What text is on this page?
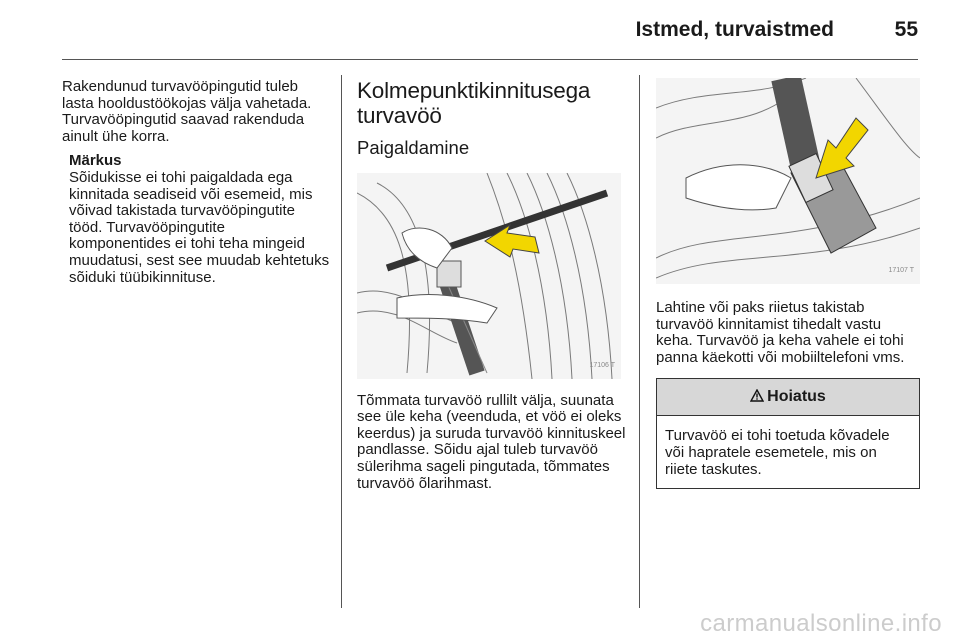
Istmed, turvaistmed	55

Rakendunud turvavööpingutid tuleb lasta hooldustöökojas välja vahetada. Turvavööpingutid saavad rakenduda ainult ühe korra.

Märkus

Sõidukisse ei tohi paigaldada ega kinnitada seadiseid või esemeid, mis võivad takistada turvavööpingutite tööd. Turvavööpingutite komponentides ei tohi teha mingeid muudatusi, sest see muudab kehtetuks sõiduki tüübikinnituse.

Kolmepunktikinnitusega turvavöö
Paigaldamine
17106 T

Tõmmata turvavöö rullilt välja, suunata see üle keha (veenduda, et vöö ei oleks keerdus) ja suruda turvavöö kinnituskeel pandlasse. Sõidu ajal tuleb turvavöö sülerihma sageli pingutada, tõmmates turvavöö õlarihmast.

17107 T

Lahtine või paks riietus takistab turvavöö kinnitamist tihedalt vastu keha. Turvavöö ja keha vahele ei tohi panna käekotti või mobiiltelefoni vms.

Hoiatus
Turvavöö ei tohi toetuda kõvadele või hapratele esemetele, mis on riiete taskutes.
carmanualsonline.info
